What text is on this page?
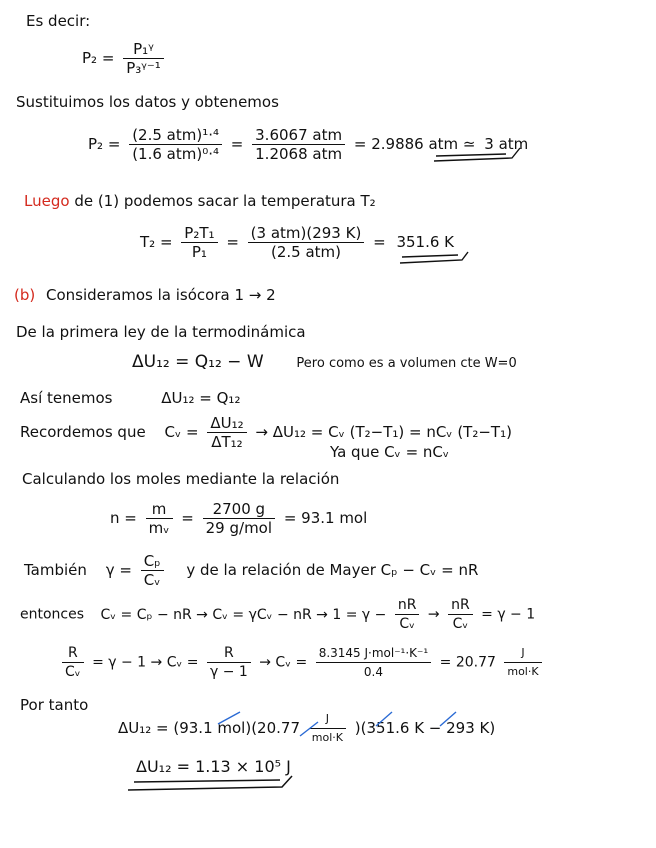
Es decir:
$P_2 = \frac{\text{P₁ᵞ}}{\text{P₃ᵞ⁻¹}}$
Sustituimos los datos y obtenemos
$P_2 = \frac{\text{(2.5 atm)¹·⁴}}{\text{(1.6 atm)⁰·⁴}} = \frac{\text{3.6067 atm}}{\text{1.2068 atm}} = 2.9886$ atm ≃ 3 atm
Luego de (1) podemos sacar la temperatura T₂
$T_2 = \frac{\text{P₂T₁}}{\text{P₁}} = \frac{\text{(3 atm)(293 K)}}{\text{(2.5 atm)}} = 351.6$ K
(b) Consideramos la isócora 1 → 2
De la primera ley de la termodinámica
ΔU₁₂ = Q₁₂ − W	Pero como es a volumen cte W=0
Así tenemos	ΔU₁₂ = Q₁₂
Recordemos que Cᵥ = $\frac{\text{ΔU₁₂}}{\text{ΔT₁₂}} \to \Delta U_{12}$ = Cᵥ (T₂−T₁) = nCᵥ (T₂−T₁)
Ya que Cᵥ = nCᵥ
Calculando los moles mediante la relación
$n = \frac{m}{\text{mᵥ}} = \frac{2700 g}{\text{29 g/mol}} = 93.1$ mol
También $\gamma = \frac{\text{Cₚ}}{\text{Cᵥ}}$ y de la relación de Mayer Cₚ − Cᵥ = nR
entonces Cᵥ = Cₚ − nR → Cᵥ = γCᵥ − nR → $1 = \gamma - \frac{nR}{\text{Cᵥ}} \to \frac{nR}{\text{Cᵥ}} = \gamma - 1$
$\frac{R}{\text{Cᵥ}} = \gamma - 1$ → Cᵥ = $\frac{R}{\gamma - 1}$ → Cᵥ = $\frac{\text{8.3145 J·mol⁻¹·K⁻¹}}{0.4} = 20.77 \frac{J}{\text{mol·K}}$
Por tanto
ΔU₁₂ = (93.1 $mol)(20.77 \frac{J}{\text{mol·K}} )(351.6$ K − 293 K)
ΔU₁₂ = 1.13 × 10⁵ J
